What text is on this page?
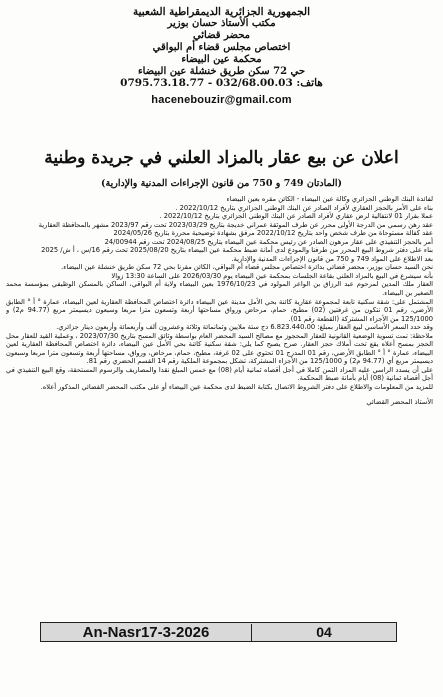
الجمهورية الجزائرية الديمقراطية الشعبية
مكتب الأستاذ حسان بوزير
محضر قضائي
اختصاص مجلس قضاء أم البواقي
محكمة عين البيضاء
حي 72 سكن طريق خنشلة عين البيضاء
هاتف: 032/68.00.03 - 0795.73.18.77
hacenebouzir@gmail.com
اعلان عن بيع عقار بالمزاد العلني في جريدة وطنية
(المادتان 749 و 750 من قانون الإجراءات المدنية والإدارية)

لفائدة البنك الوطني الجزائري وكالة عين البيضاء - الكائن مقره بعين البيضاء

بناء على الأمر بالحجز العقاري لأفراد الصادر عن البنك الوطني الجزائري بتاريخ 2022/10/12 .

عملا بقرار 01 لانتفالية لرض عقاري لأفراد الصادر عن البنك الوطني الجزائري بتاريخ 2022/10/12 .

عقد رهن رسمي من الدرجة الأولى محرر عن طرف الموثقة عمراني خديجة بتاريخ 2023/03/29 تحت رقم 2023/97 مشهر بالمحافظة العقارية

عقد كفالة مستوحاة من طرف شخص واحد بتاريخ 2022/10/12 مرفق بشهادة توضيحية محررة بتاريخ 2024/05/26

أمر بالحجز التنفيذي على عقار مرهون الصادر عن رئيس محكمة عين البيضاء بتاريخ 2024/08/25 تحت رقم 24/00944

بناء على دفتر شروط البيع المحرر من طرفنا والمودع لدى أمانة ضبط محكمة عين البيضاء بتاريخ 2025/08/20 تحت رقم 16/س ، أ ش/ 2025

بعد الاطلاع على المواد 749 و 750 من قانون الإجراءات المدنية والإدارية.

نحن السيد حسان بوزير، محضر قضائي بدائرة اختصاص مجلس قضاء أم البواقي، الكائن مقرنا بحي 72 سكن طريق خنشلة عين البيضاء.

بأنه سيشرع في البيع بالمزاد العلني بقاعة الجلسات بمحكمة عين البيضاء يوم 2026/03/30 على الساعة 13:30 زوالا

العقار ملك المدين لمرحوم عبد الرزاق بن الواعر المولود في 1976/10/23 بعين البيضاء ولاية أم البواقي، الساكن بالمسكن الوظيفي بمؤسسة محمد الصغير بن البيضاء.

المشتمل على: شقة سكنية تابعة لمجموعة عقارية كائنة بحي الأمل مدينة عين البيضاء دائرة اختصاص المحافظة العقارية لعين البيضاء، عمارة ° أ ° الطابق الأرضي، رقم 01 تتكون من غرفتين (02) مطبخ، حمام، مرحاض ورواق مساحتها أربعة وتسعون مترا مربعا وسبعون ديسيمتر مربع (94.77 م2) و 125/1000 من الأجزاء المشتركة (القطعة رقم 01).

وقد حدد السعر الأساسي لبيع العقار بمبلغ: 6.823.440،00 دج ستة ملايين وثمانمائة وثلاثة وعشرون ألف وأربعمائة وأربعون دينار جزائري.

ملاحظة: تمت تسوية الوضعية القانونية للعقار المحجوز مع مصالح السيد المحضر العام بواسطة وثائق المسح بتاريخ 2023/07/30 ، وعملية القيد للعقار محل الحجز بمسح أعلاه يقع تحت أملاك حجز العقار. صرح يصبح كما يلي: شقة سكنية كائنة بحي الأمل عين البيضاء، دائرة اختصاص المحافظة العقارية لعين البيضاء، عمارة ° أ ° الطابق الأرضي، رقم 01 المدرج 01 تحتوي على 02 غرفة، مطبخ، حمام، مرحاض، ورواق، مساحتها أربعة وتسعون مترا مربعا وسبعون ديسيمتر مربع أي (94.77 م2) و 125/1000 من الأجزاء المشتركة، تشكل بمجموعة الملكية رقم 14 القسم الحضري رقم 81.

على أن يسدد الراسي عليه المزاد الثمن كاملا في أجل أقصاه ثمانية أيام (08) مع خمس المبلغ نقدا والمصاريف والرسوم المستحقة، وقع البيع التنفيذي في أجل أقصاه ثمانية (08) أيام بأمانة ضبط المحكمة.

للمزيد من المعلومات والاطلاع على دفتر الشروط الاتصال بكتابة الضبط لدى محكمة عين البيضاء أو على مكتب المحضر القضائي المذكور أعلاه.

الأستاذ المحضر القضائي

An-Nasr17-3-2026	04
